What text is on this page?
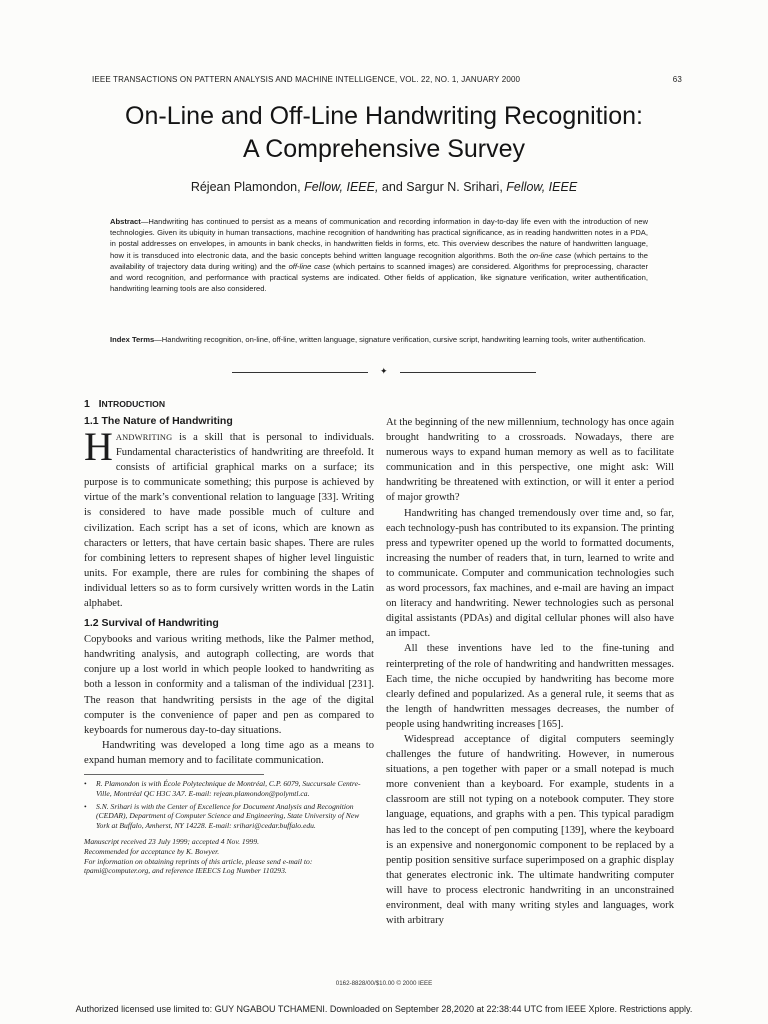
IEEE TRANSACTIONS ON PATTERN ANALYSIS AND MACHINE INTELLIGENCE, VOL. 22, NO. 1, JANUARY 2000	63
On-Line and Off-Line Handwriting Recognition:
A Comprehensive Survey
Réjean Plamondon, Fellow, IEEE, and Sargur N. Srihari, Fellow, IEEE
Abstract—Handwriting has continued to persist as a means of communication and recording information in day-to-day life even with the introduction of new technologies. Given its ubiquity in human transactions, machine recognition of handwriting has practical significance, as in reading handwritten notes in a PDA, in postal addresses on envelopes, in amounts in bank checks, in handwritten fields in forms, etc. This overview describes the nature of handwritten language, how it is transduced into electronic data, and the basic concepts behind written language recognition algorithms. Both the on-line case (which pertains to the availability of trajectory data during writing) and the off-line case (which pertains to scanned images) are considered. Algorithms for preprocessing, character and word recognition, and performance with practical systems are indicated. Other fields of application, like signature verification, writer authentification, handwriting learning tools are also considered.
Index Terms—Handwriting recognition, on-line, off-line, written language, signature verification, cursive script, handwriting learning tools, writer authentification.
✦
1 INTRODUCTION
1.1 The Nature of Handwriting

HANDWRITING is a skill that is personal to individuals. Fundamental characteristics of handwriting are threefold. It consists of artificial graphical marks on a surface; its purpose is to communicate something; this purpose is achieved by virtue of the mark’s conventional relation to language [33]. Writing is considered to have made possible much of culture and civilization. Each script has a set of icons, which are known as characters or letters, that have certain basic shapes. There are rules for combining letters to represent shapes of higher level linguistic units. For example, there are rules for combining the shapes of individual letters so as to form cursively written words in the Latin alphabet.

1.2 Survival of Handwriting

Copybooks and various writing methods, like the Palmer method, handwriting analysis, and autograph collecting, are words that conjure up a lost world in which people looked to handwriting as both a lesson in conformity and a talisman of the individual [231]. The reason that handwriting persists in the age of the digital computer is the convenience of paper and pen as compared to keyboards for numerous day-to-day situations.

Handwriting was developed a long time ago as a means to expand human memory and to facilitate communication.

•	R. Plamondon is with École Polytechnique de Montréal, C.P. 6079, Succursale Centre-Ville, Montréal QC H3C 3A7. E-mail: rejean.plamondon@polymtl.ca.
•	S.N. Srihari is with the Center of Excellence for Document Analysis and Recognition (CEDAR), Department of Computer Science and Engineering, State University of New York at Buffalo, Amherst, NY 14228. E-mail: srihari@cedar.buffalo.edu.
Manuscript received 23 July 1999; accepted 4 Nov. 1999.
Recommended for acceptance by K. Bowyer.
For information on obtaining reprints of this article, please send e-mail to: tpami@computer.org, and reference IEEECS Log Number 110293.

At the beginning of the new millennium, technology has once again brought handwriting to a crossroads. Nowadays, there are numerous ways to expand human memory as well as to facilitate communication and in this perspective, one might ask: Will handwriting be threatened with extinction, or will it enter a period of major growth?

Handwriting has changed tremendously over time and, so far, each technology-push has contributed to its expansion. The printing press and typewriter opened up the world to formatted documents, increasing the number of readers that, in turn, learned to write and to communicate. Computer and communication technologies such as word processors, fax machines, and e-mail are having an impact on literacy and handwriting. Newer technologies such as personal digital assistants (PDAs) and digital cellular phones will also have an impact.

All these inventions have led to the fine-tuning and reinterpreting of the role of handwriting and handwritten messages. Each time, the niche occupied by handwriting has become more clearly defined and popularized. As a general rule, it seems that as the length of handwritten messages decreases, the number of people using handwriting increases [165].

Widespread acceptance of digital computers seemingly challenges the future of handwriting. However, in numerous situations, a pen together with paper or a small notepad is much more convenient than a keyboard. For example, students in a classroom are still not typing on a notebook computer. They store language, equations, and graphs with a pen. This typical paradigm has led to the concept of pen computing [139], where the keyboard is an expensive and nonergonomic component to be replaced by a pentip position sensitive surface superimposed on a graphic display that generates electronic ink. The ultimate handwriting computer will have to process electronic handwriting in an unconstrained environment, deal with many writing styles and languages, work with arbitrary

0162-8828/00/$10.00 © 2000 IEEE
Authorized licensed use limited to: GUY NGABOU TCHAMENI. Downloaded on September 28,2020 at 22:38:44 UTC from IEEE Xplore. Restrictions apply.
